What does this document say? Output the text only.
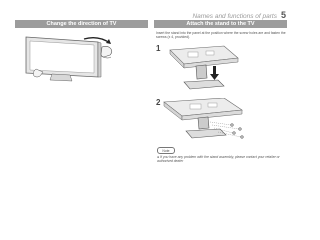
Names and functions of parts 5
Change the direction of TV	Attach the stand to the TV
Insert the stand into the panel at the position where the screw holes are and fasten the screws (x 4, provided).
1
2
Note
●If you have any problem with the stand assembly, please contact your retailer or authorised dealer
